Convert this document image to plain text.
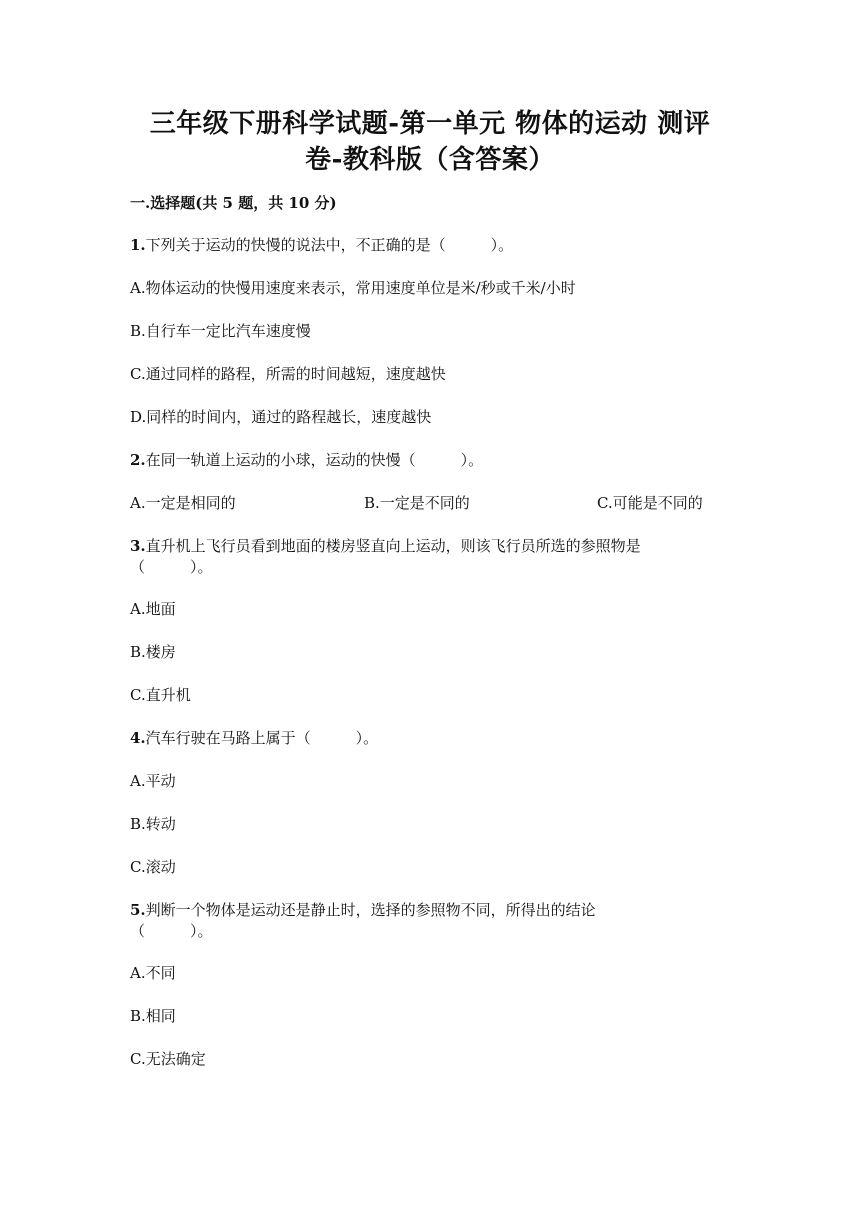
三年级下册科学试题-第一单元 物体的运动 测评
卷-教科版（含答案）
一.选择题(共 5 题，共 10 分)
1.下列关于运动的快慢的说法中，不正确的是（　　　）。
A.物体运动的快慢用速度来表示，常用速度单位是米/秒或千米/小时
B.自行车一定比汽车速度慢
C.通过同样的路程，所需的时间越短，速度越快
D.同样的时间内，通过的路程越长，速度越快
2.在同一轨道上运动的小球，运动的快慢（　　　）。
A.一定是相同的	B.一定是不同的	C.可能是不同的
3.直升机上飞行员看到地面的楼房竖直向上运动，则该飞行员所选的参照物是
（　　　）。
A.地面
B.楼房
C.直升机
4.汽车行驶在马路上属于（　　　）。
A.平动
B.转动
C.滚动
5.判断一个物体是运动还是静止时，选择的参照物不同，所得出的结论
（　　　）。
A.不同
B.相同
C.无法确定
